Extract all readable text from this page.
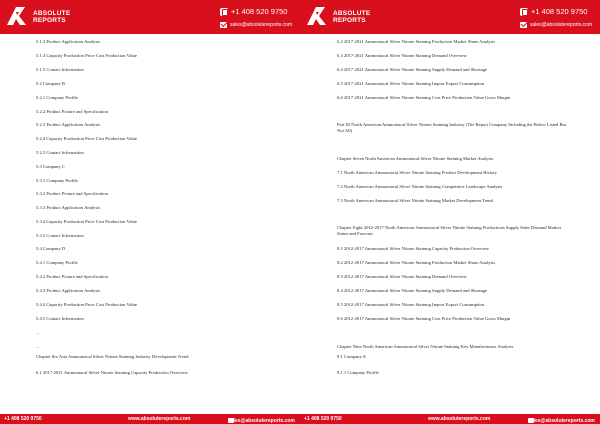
ABSOLUTE
REPORTS
+1 408 520 9750
sales@absolutereports.com
5.1.3 Product Application Analysis
5.1.4 Capacity Production Price Cost Production Value
5.1.5 Contact Information
5.2 Company B
5.2.1 Company Profile
5.2.2 Product Picture and Specification
5.2.3 Product Application Analysis
5.2.4 Capacity Production Price Cost Production Value
5.2.5 Contact Information
5.3 Company C
5.3.1 Company Profile
5.3.2 Product Picture and Specification
5.3.3 Product Application Analysis
5.3.4 Capacity Production Price Cost Production Value
5.3.5 Contact Information
5.4 Company D
5.4.1 Company Profile
5.4.2 Product Picture and Specification
5.4.3 Product Application Analysis
5.4.4 Capacity Production Price Cost Production Value
5.4.5 Contact Information
...
...
Chapter Six Asia Ammoniacal Silver Nitrate Staining Industry Development Trend
6.1 2017-2021 Ammoniacal Silver Nitrate Staining Capacity Production Overview
+1 408 520 9750	www.absolutereports.com	sales@absolutereports.com
ABSOLUTE
REPORTS
+1 408 520 9750
sales@absolutereports.com
6.2 2017-2021 Ammoniacal Silver Nitrate Staining Production Market Share Analysis
6.3 2017-2021 Ammoniacal Silver Nitrate Staining Demand Overview
6.4 2017-2021 Ammoniacal Silver Nitrate Staining Supply Demand and Shortage
6.5 2017-2021 Ammoniacal Silver Nitrate Staining Import Export Consumption
6.6 2017-2021 Ammoniacal Silver Nitrate Staining Cost Price Production Value Gross Margin
Part III North American Ammoniacal Silver Nitrate Staining Industry (The Report Company Including the Below Listed But Not All)
Chapter Seven North American Ammoniacal Silver Nitrate Staining Market Analysis
7.1 North American Ammoniacal Silver Nitrate Staining Product Development History
7.2 North American Ammoniacal Silver Nitrate Staining Competitive Landscape Analysis
7.3 North American Ammoniacal Silver Nitrate Staining Market Development Trend
Chapter Eight 2012-2017 North American Ammoniacal Silver Nitrate Staining Productions Supply Sales Demand Market Status and Forecast
8.1 2012-2017 Ammoniacal Silver Nitrate Staining Capacity Production Overview
8.2 2012-2017 Ammoniacal Silver Nitrate Staining Production Market Share Analysis
8.3 2012-2017 Ammoniacal Silver Nitrate Staining Demand Overview
8.4 2012-2017 Ammoniacal Silver Nitrate Staining Supply Demand and Shortage
8.5 2012-2017 Ammoniacal Silver Nitrate Staining Import Export Consumption
8.6 2012-2017 Ammoniacal Silver Nitrate Staining Cost Price Production Value Gross Margin
Chapter Nine North American Ammoniacal Silver Nitrate Staining Key Manufacturers Analysis
9.1 Company A
9.1.1 Company Profile
+1 408 520 9750	www.absolutereports.com	sales@absolutereports.com
